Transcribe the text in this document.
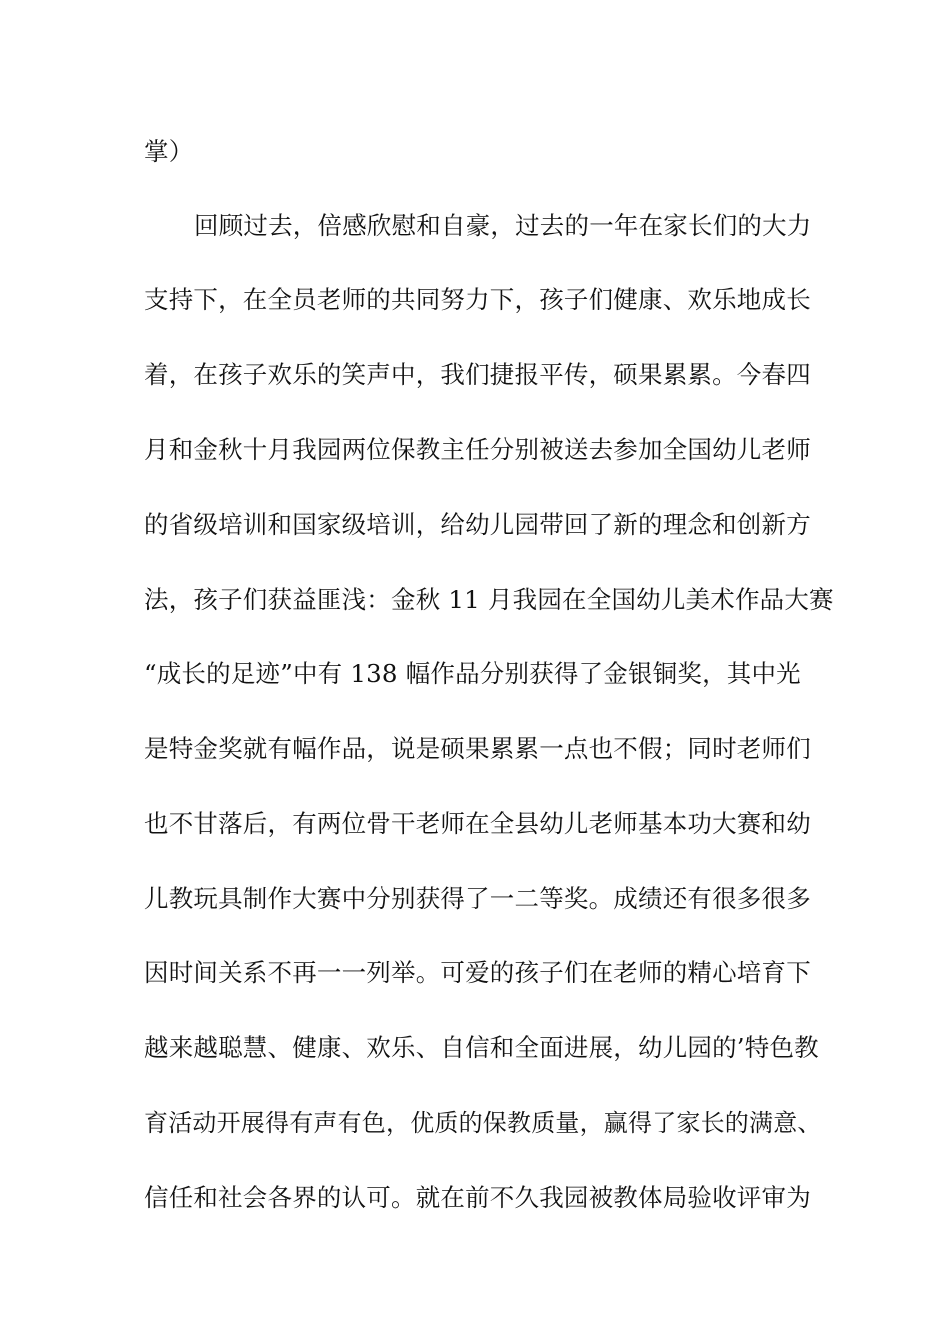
掌）
回顾过去，倍感欣慰和自豪，过去的一年在家长们的大力
支持下，在全员老师的共同努力下，孩子们健康、欢乐地成长
着，在孩子欢乐的笑声中，我们捷报平传，硕果累累。今春四
月和金秋十月我园两位保教主任分别被送去参加全国幼儿老师
的省级培训和国家级培训，给幼儿园带回了新的理念和创新方
法，孩子们获益匪浅：金秋 11 月我园在全国幼儿美术作品大赛
“成长的足迹”中有 138 幅作品分别获得了金银铜奖，其中光
是特金奖就有幅作品，说是硕果累累一点也不假；同时老师们
也不甘落后，有两位骨干老师在全县幼儿老师基本功大赛和幼
儿教玩具制作大赛中分别获得了一二等奖。成绩还有很多很多
因时间关系不再一一列举。可爱的孩子们在老师的精心培育下
越来越聪慧、健康、欢乐、自信和全面进展，幼儿园的’特色教
育活动开展得有声有色，优质的保教质量，赢得了家长的满意、
信任和社会各界的认可。就在前不久我园被教体局验收评审为
